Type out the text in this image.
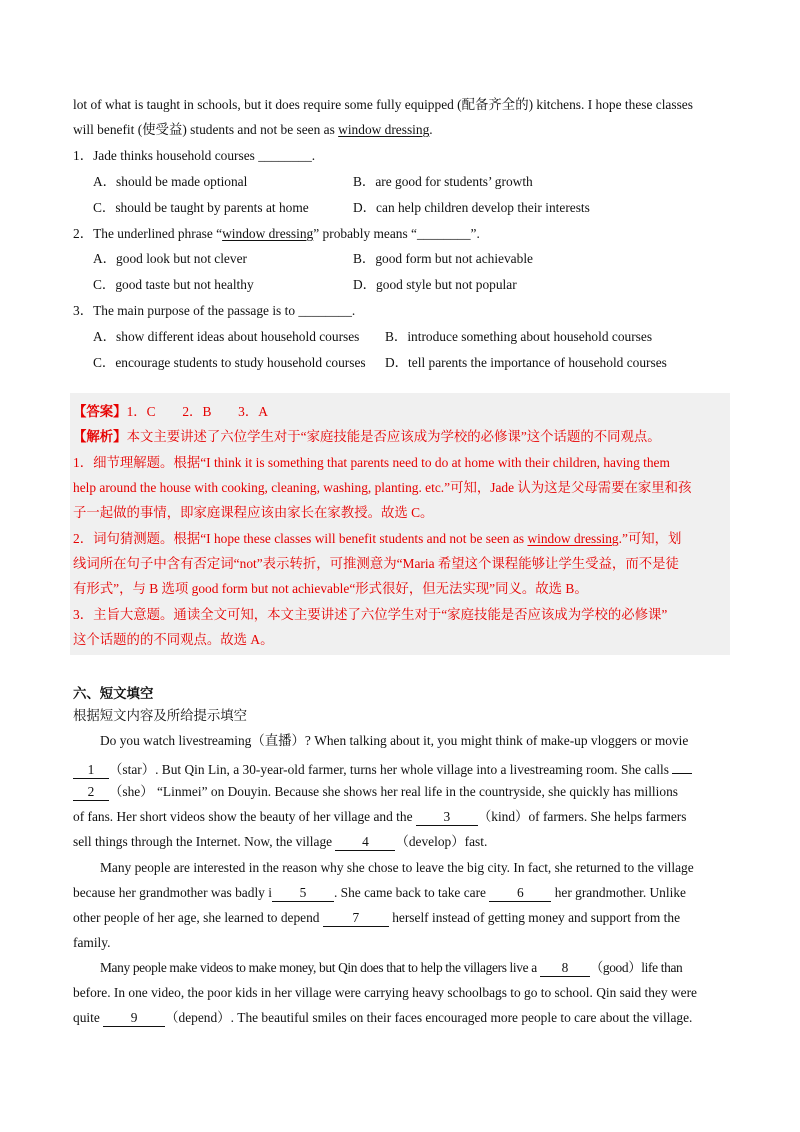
lot of what is taught in schools, but it does require some fully equipped (配备齐全的) kitchens. I hope these classes
will benefit (使受益) students and not be seen as window dressing.
1．Jade thinks household courses ________.
A．should be made optional	B．are good for students’ growth
C．should be taught by parents at home	D．can help children develop their interests
2．The underlined phrase “window dressing” probably means “________”.
A．good look but not clever	B．good form but not achievable
C．good taste but not healthy	D．good style but not popular
3．The main purpose of the passage is to ________.
A．show different ideas about household courses B．introduce something about household courses
C．encourage students to study household courses D．tell parents the importance of household courses
【答案】1．C　　2．B　　3．A
【解析】本文主要讲述了六位学生对于“家庭技能是否应该成为学校的必修课”这个话题的不同观点。
1．细节理解题。根据“I think it is something that parents need to do at home with their children, having them
help around the house with cooking, cleaning, washing, planting. etc.”可知，Jade 认为这是父母需要在家里和孩
子一起做的事情，即家庭课程应该由家长在家教授。故选 C。
2．词句猜测题。根据“I hope these classes will benefit students and not be seen as window dressing.”可知，划
线词所在句子中含有否定词“not”表示转折，可推测意为“Maria 希望这个课程能够让学生受益，而不是徒
有形式”，与 B 选项 good form but not achievable“形式很好，但无法实现”同义。故选 B。
3．主旨大意题。通读全文可知，本文主要讲述了六位学生对于“家庭技能是否应该成为学校的必修课”
这个话题的的不同观点。故选 A。
六、短文填空
根据短文内容及所给提示填空
Do you watch livestreaming（直播）? When talking about it, you might think of make-up vloggers or movie
1 （star）. But Qin Lin, a 30-year-old farmer, turns her whole village into a livestreaming room. She calls
2 （she） “Linmei” on Douyin. Because she shows her real life in the countryside, she quickly has millions
of fans. Her short videos show the beauty of her village and the 3 （kind）of farmers. She helps farmers
sell things through the Internet. Now, the village 4 （develop）fast.
Many people are interested in the reason why she chose to leave the big city. In fact, she returned to the village
because her grandmother was badly i 5 . She came back to take care 6 her grandmother. Unlike
other people of her age, she learned to depend 7 herself instead of getting money and support from the
family.
Many people make videos to make money, but Qin does that to help the villagers live a 8 （good）life than
before. In one video, the poor kids in her village were carrying heavy schoolbags to go to school. Qin said they were
quite 9 （depend）. The beautiful smiles on their faces encouraged more people to care about the village.
